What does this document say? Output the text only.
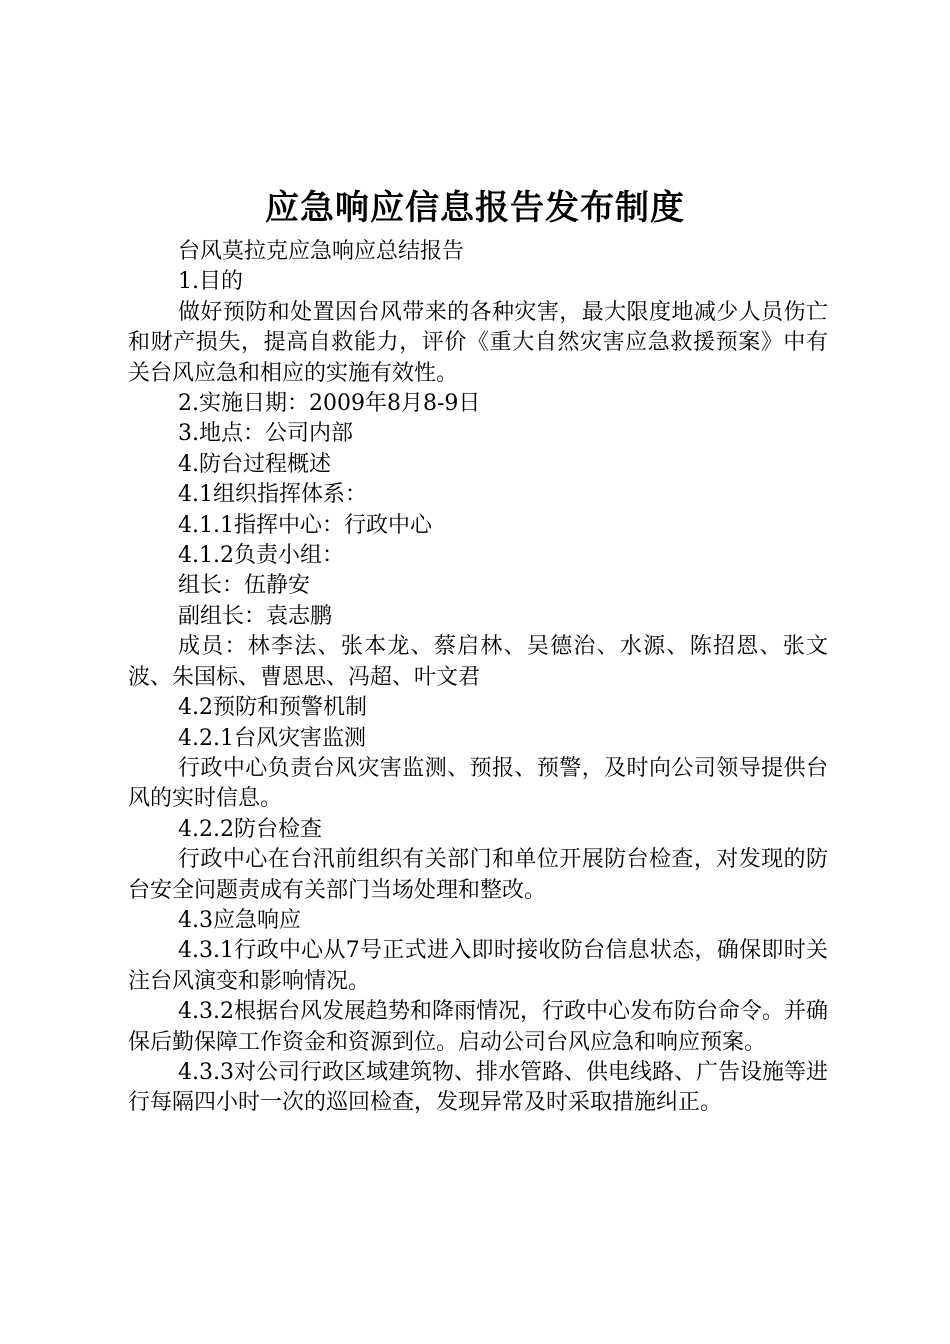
应急响应信息报告发布制度

台风莫拉克应急响应总结报告

1.目的

做好预防和处置因台风带来的各种灾害，最大限度地减少人员伤亡和财产损失，提高自救能力，评价《重大自然灾害应急救援预案》中有关台风应急和相应的实施有效性。

2.实施日期：2009年8月8-9日

3.地点：公司内部

4.防台过程概述

4.1组织指挥体系：

4.1.1指挥中心：行政中心

4.1.2负责小组：

组长：伍静安

副组长：袁志鹏

成员：林李法、张本龙、蔡启林、吴德治、水源、陈招恩、张文波、朱国标、曹恩思、冯超、叶文君

4.2预防和预警机制

4.2.1台风灾害监测

行政中心负责台风灾害监测、预报、预警，及时向公司领导提供台风的实时信息。

4.2.2防台检查

行政中心在台汛前组织有关部门和单位开展防台检查，对发现的防台安全问题责成有关部门当场处理和整改。

4.3应急响应

4.3.1行政中心从7号正式进入即时接收防台信息状态，确保即时关注台风演变和影响情况。

4.3.2根据台风发展趋势和降雨情况，行政中心发布防台命令。并确保后勤保障工作资金和资源到位。启动公司台风应急和响应预案。

4.3.3对公司行政区域建筑物、排水管路、供电线路、广告设施等进行每隔四小时一次的巡回检查，发现异常及时采取措施纠正。
